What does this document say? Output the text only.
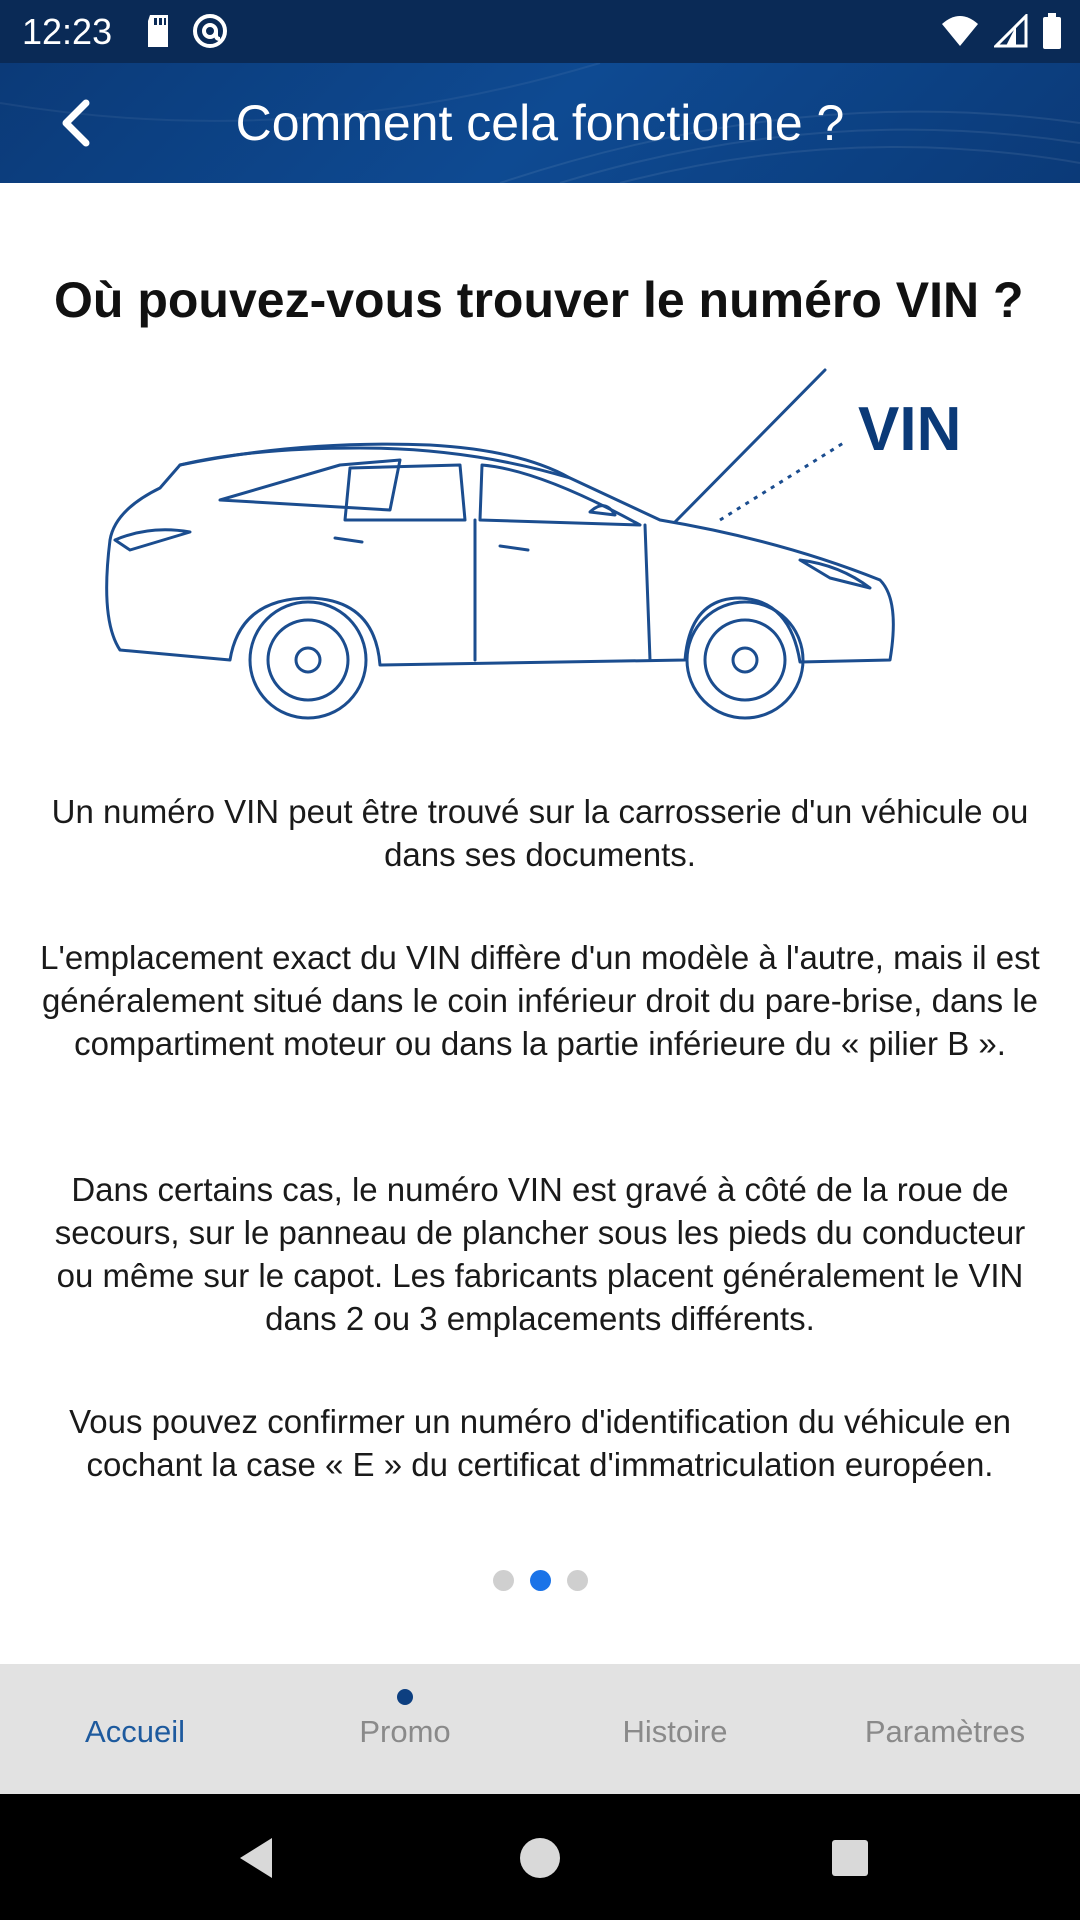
12:23
Comment cela fonctionne ?
Où pouvez-vous trouver le numéro VIN ?
VIN
Un numéro VIN peut être trouvé sur la carrosserie d'un véhicule ou dans ses documents.
L'emplacement exact du VIN diffère d'un modèle à l'autre, mais il est généralement situé dans le coin inférieur droit du pare-brise, dans le compartiment moteur ou dans la partie inférieure du « pilier B ».
Dans certains cas, le numéro VIN est gravé à côté de la roue de secours, sur le panneau de plancher sous les pieds du conducteur ou même sur le capot. Les fabricants placent généralement le VIN dans 2 ou 3 emplacements différents.
Vous pouvez confirmer un numéro d'identification du véhicule en cochant la case « E » du certificat d'immatriculation européen.
Accueil	Promo	Histoire	Paramètres
